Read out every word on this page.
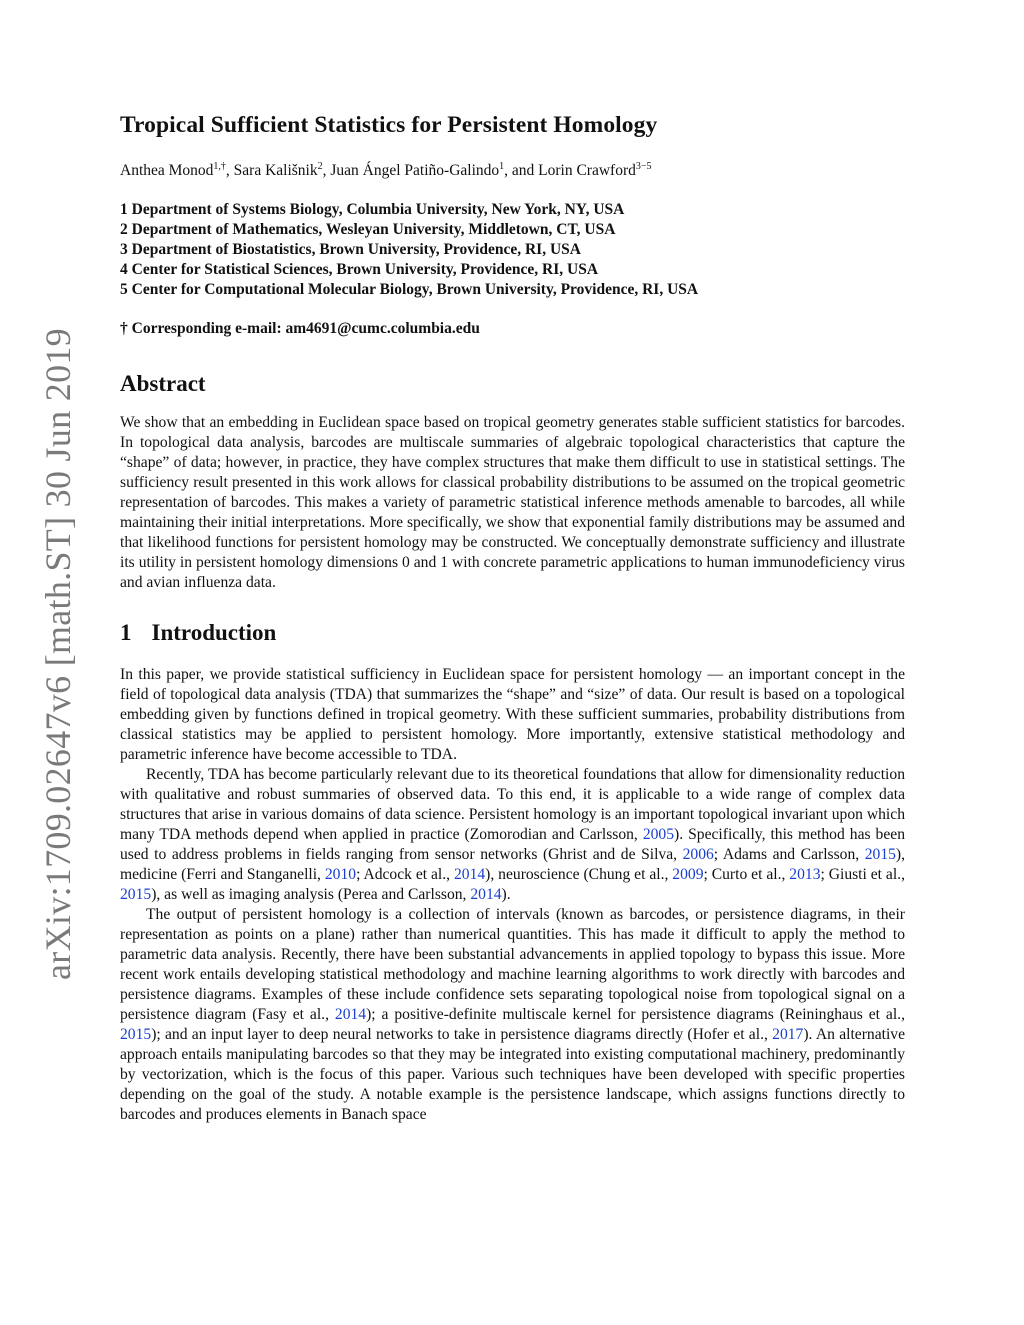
arXiv:1709.02647v6 [math.ST] 30 Jun 2019
Tropical Sufficient Statistics for Persistent Homology
Anthea Monod$^{1,\dagger}$, Sara Kališnik$^2$, Juan Ángel Patiño-Galindo$^1$, and Lorin Crawford$^{3-5}$
1 Department of Systems Biology, Columbia University, New York, NY, USA
2 Department of Mathematics, Wesleyan University, Middletown, CT, USA
3 Department of Biostatistics, Brown University, Providence, RI, USA
4 Center for Statistical Sciences, Brown University, Providence, RI, USA
5 Center for Computational Molecular Biology, Brown University, Providence, RI, USA
† Corresponding e-mail: am4691@cumc.columbia.edu
Abstract

We show that an embedding in Euclidean space based on tropical geometry generates stable sufficient statistics for barcodes. In topological data analysis, barcodes are multiscale summaries of algebraic topological characteristics that capture the “shape” of data; however, in practice, they have complex structures that make them difficult to use in statistical settings. The sufficiency result presented in this work allows for classical probability distributions to be assumed on the tropical geometric representation of barcodes. This makes a variety of parametric statistical inference methods amenable to barcodes, all while maintaining their initial interpretations. More specifically, we show that exponential family distributions may be assumed and that likelihood functions for persistent homology may be constructed. We conceptually demonstrate sufficiency and illustrate its utility in persistent homology dimensions 0 and 1 with concrete parametric applications to human immunodeficiency virus and avian influenza data.

1 Introduction

In this paper, we provide statistical sufficiency in Euclidean space for persistent homology — an important concept in the field of topological data analysis (TDA) that summarizes the “shape” and “size” of data. Our result is based on a topological embedding given by functions defined in tropical geometry. With these sufficient summaries, probability distributions from classical statistics may be applied to persistent homology. More importantly, extensive statistical methodology and parametric inference have become accessible to TDA.

Recently, TDA has become particularly relevant due to its theoretical foundations that allow for dimensionality reduction with qualitative and robust summaries of observed data. To this end, it is applicable to a wide range of complex data structures that arise in various domains of data science. Persistent homology is an important topological invariant upon which many TDA methods depend when applied in practice (Zomorodian and Carlsson, 2005). Specifically, this method has been used to address problems in fields ranging from sensor networks (Ghrist and de Silva, 2006; Adams and Carlsson, 2015), medicine (Ferri and Stanganelli, 2010; Adcock et al., 2014), neuroscience (Chung et al., 2009; Curto et al., 2013; Giusti et al., 2015), as well as imaging analysis (Perea and Carlsson, 2014).

The output of persistent homology is a collection of intervals (known as barcodes, or persistence diagrams, in their representation as points on a plane) rather than numerical quantities. This has made it difficult to apply the method to parametric data analysis. Recently, there have been substantial advancements in applied topology to bypass this issue. More recent work entails developing statistical methodology and machine learning algorithms to work directly with barcodes and persistence diagrams. Examples of these include confidence sets separating topological noise from topological signal on a persistence diagram (Fasy et al., 2014); a positive-definite multiscale kernel for persistence diagrams (Reininghaus et al., 2015); and an input layer to deep neural networks to take in persistence diagrams directly (Hofer et al., 2017). An alternative approach entails manipulating barcodes so that they may be integrated into existing computational machinery, predominantly by vectorization, which is the focus of this paper. Various such techniques have been developed with specific properties depending on the goal of the study. A notable example is the persistence landscape, which assigns functions directly to barcodes and produces elements in Banach space
